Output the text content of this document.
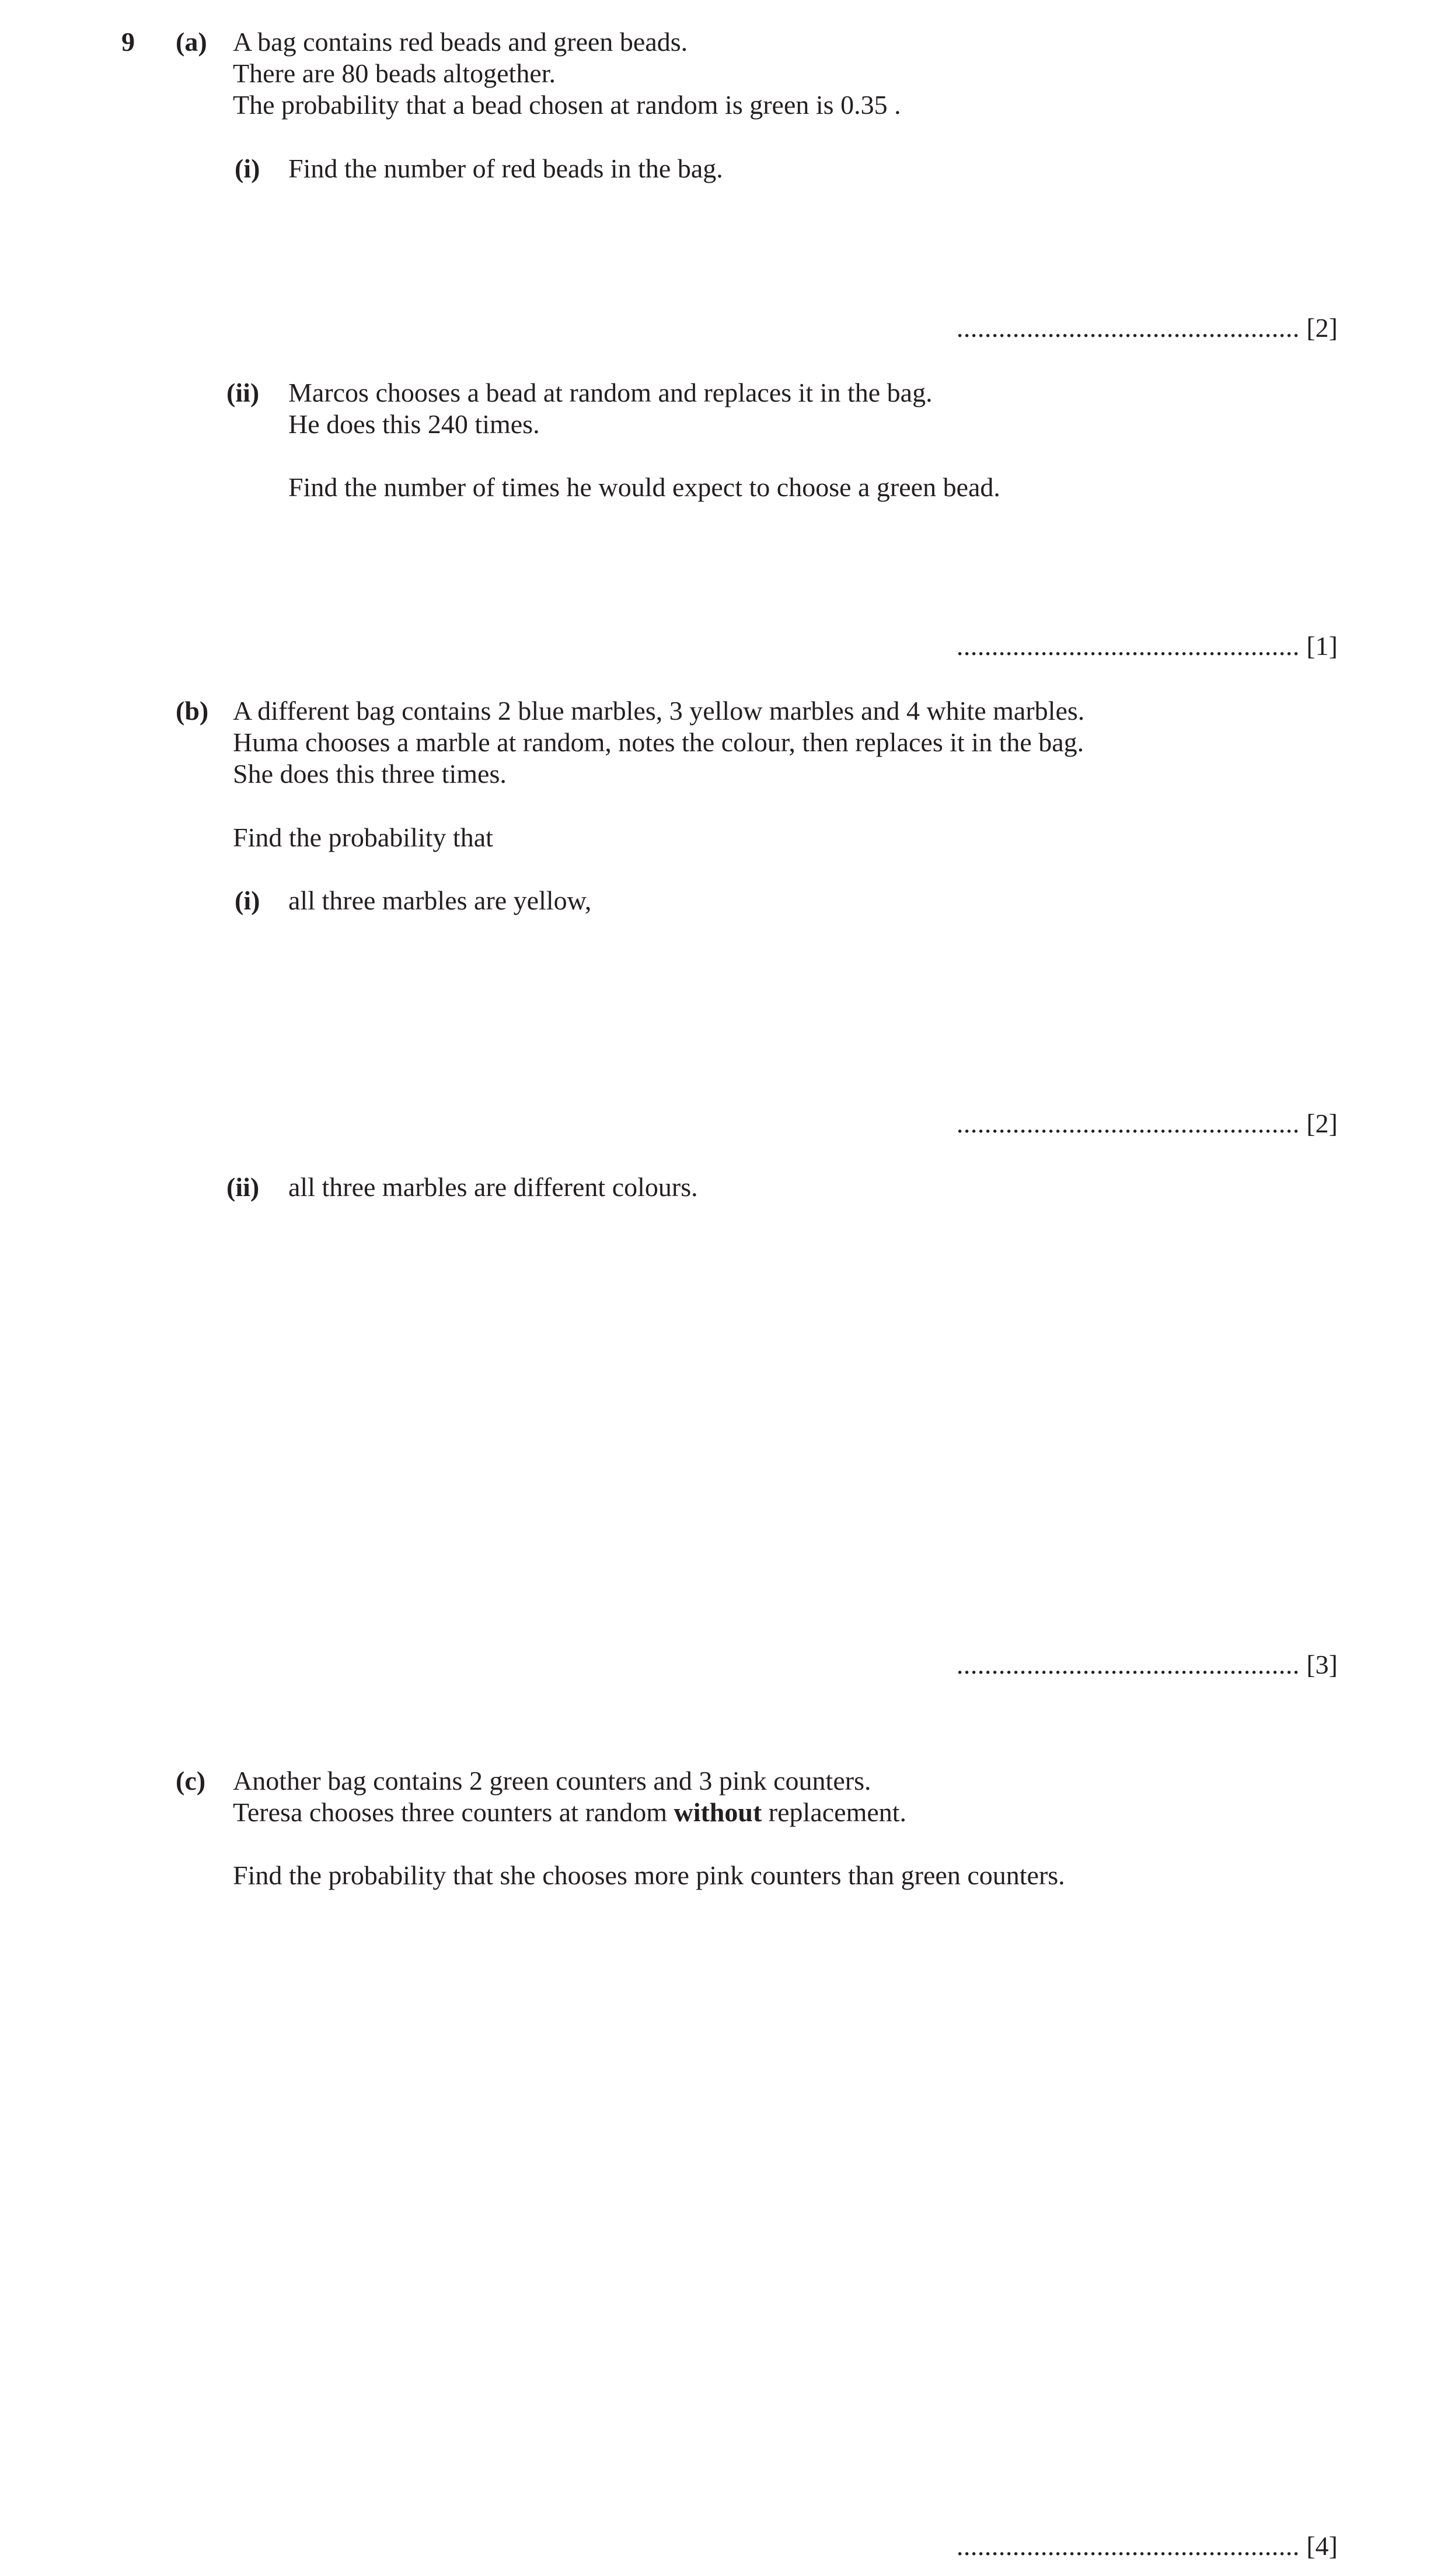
9 (a) A bag contains red beads and green beads.
There are 80 beads altogether.
The probability that a bead chosen at random is green is 0.35 .
(i) Find the number of red beads in the bag.
................................................. [2]
(ii) Marcos chooses a bead at random and replaces it in the bag.
He does this 240 times.
Find the number of times he would expect to choose a green bead.
................................................. [1]
(b) A different bag contains 2 blue marbles, 3 yellow marbles and 4 white marbles.
Huma chooses a marble at random, notes the colour, then replaces it in the bag.
She does this three times.
Find the probability that
(i) all three marbles are yellow,
................................................. [2]
(ii) all three marbles are different colours.
................................................. [3]
(c) Another bag contains 2 green counters and 3 pink counters.
Teresa chooses three counters at random without replacement.
Find the probability that she chooses more pink counters than green counters.
................................................. [4]
